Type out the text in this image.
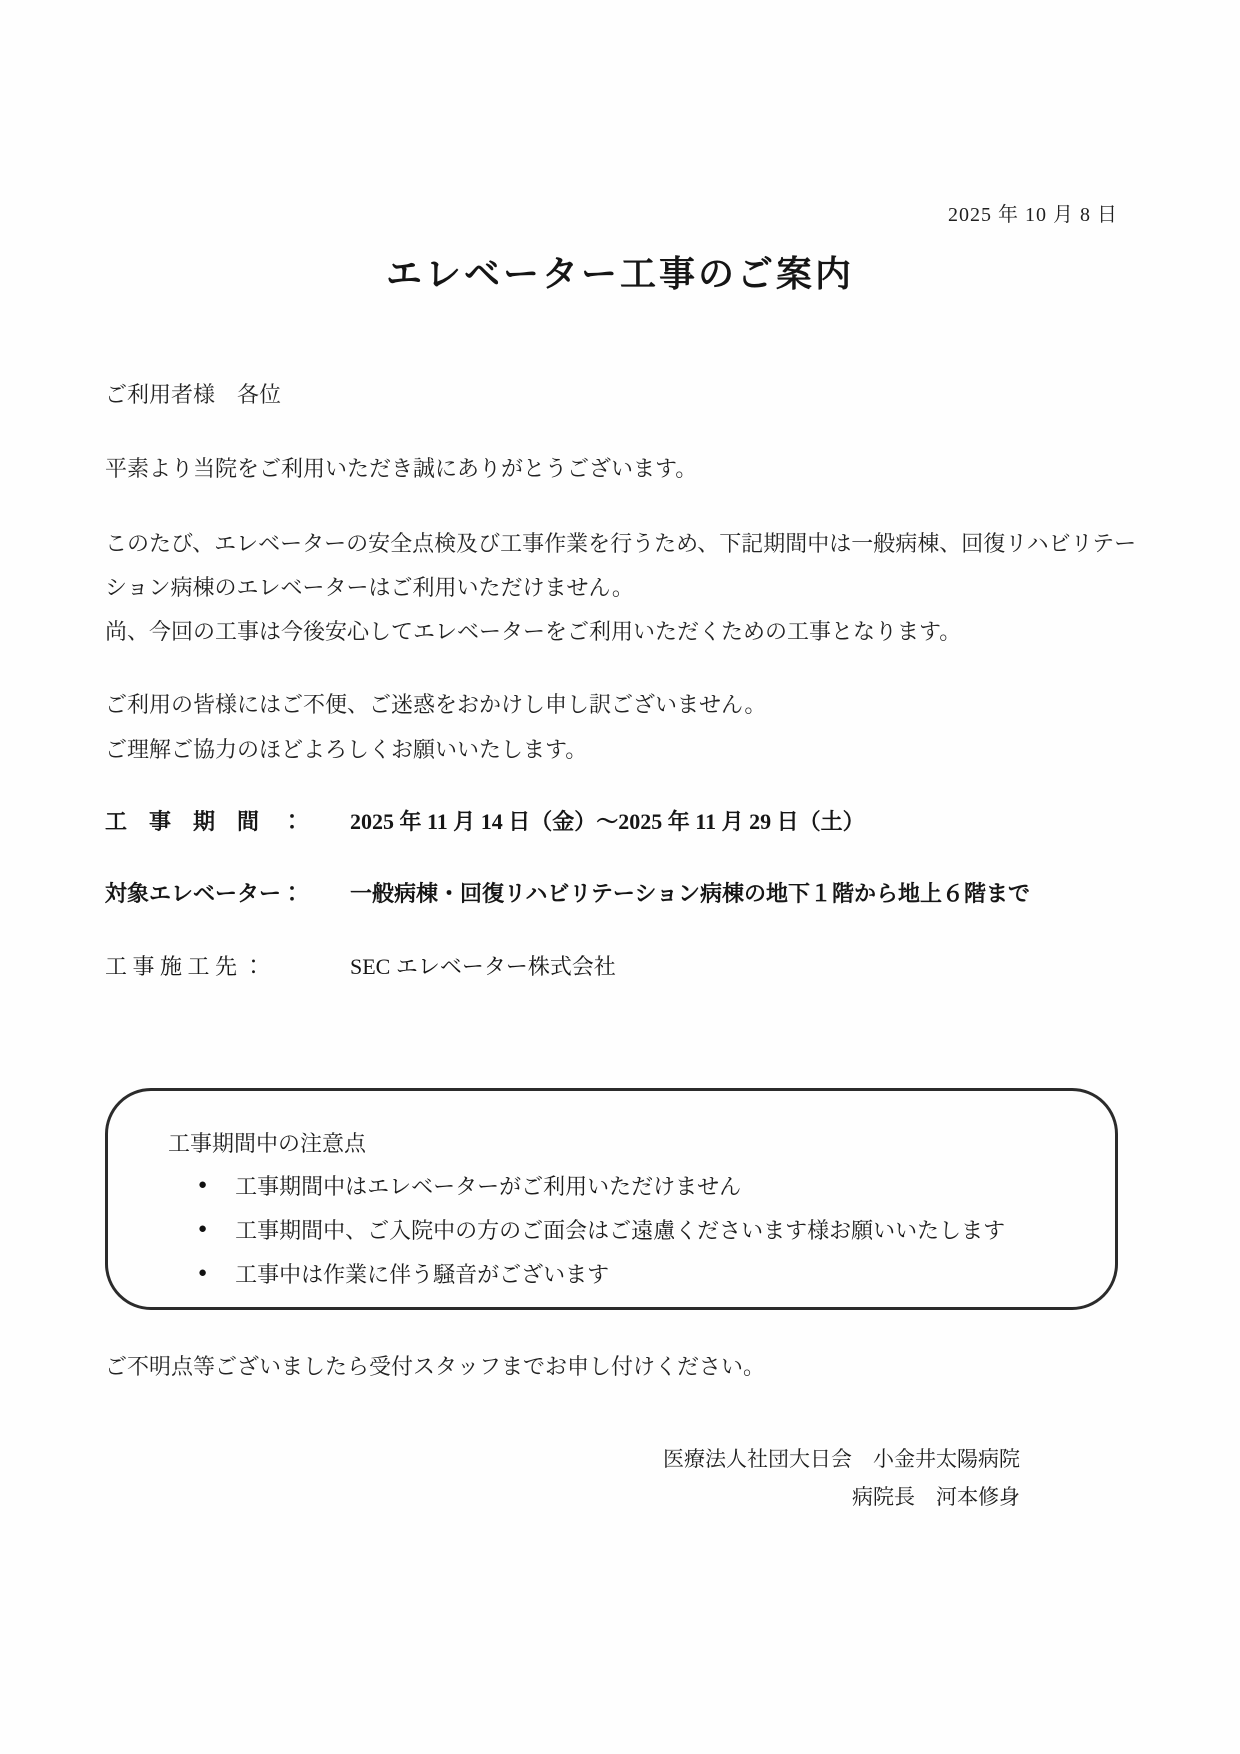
2025 年 10 月 8 日
エレベーター工事のご案内
ご利用者様　各位
平素より当院をご利用いただき誠にありがとうございます。
このたび、エレベーターの安全点検及び工事作業を行うため、下記期間中は一般病棟、回復リハビリテーション病棟のエレベーターはご利用いただけません。
尚、今回の工事は今後安心してエレベーターをご利用いただくための工事となります。
ご利用の皆様にはご不便、ご迷惑をおかけし申し訳ございません。
ご理解ご協力のほどよろしくお願いいたします。
工　事　期　間　：	2025 年 11 月 14 日（金）～2025 年 11 月 29 日（土）
対象エレベーター：	一般病棟・回復リハビリテーション病棟の地下１階から地上６階まで
工 事 施 工 先 ：	SEC エレベーター株式会社
工事期間中の注意点
● 工事期間中はエレベーターがご利用いただけません
● 工事期間中、ご入院中の方のご面会はご遠慮くださいます様お願いいたします
● 工事中は作業に伴う騒音がございます
ご不明点等ございましたら受付スタッフまでお申し付けください。
医療法人社団大日会　小金井太陽病院
病院長　河本修身
